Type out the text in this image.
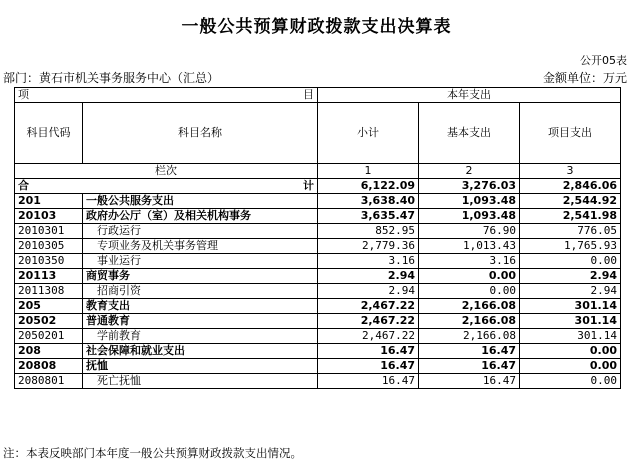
一般公共预算财政拨款支出决算表
公开05表
部门：黄石市机关事务服务中心（汇总）	金额单位：万元
项 目		本年支出		
科目代码	科目名称	小计	基本支出	项目支出
栏次		1	2	3

合 计		6,122.09	3,276.03	2,846.06
201	一般公共服务支出	3,638.40	1,093.48	2,544.92
20103	政府办公厅（室）及相关机构事务	3,635.47	1,093.48	2,541.98
2010301	行政运行	852.95	76.90	776.05
2010305	专项业务及机关事务管理	2,779.36	1,013.43	1,765.93
2010350	事业运行	3.16	3.16	0.00
20113	商贸事务	2.94	0.00	2.94
2011308	招商引资	2.94	0.00	2.94
205	教育支出	2,467.22	2,166.08	301.14
20502	普通教育	2,467.22	2,166.08	301.14
2050201	学前教育	2,467.22	2,166.08	301.14
208	社会保障和就业支出	16.47	16.47	0.00
20808	抚恤	16.47	16.47	0.00
2080801	死亡抚恤	16.47	16.47	0.00
注：本表反映部门本年度一般公共预算财政拨款支出情况。
